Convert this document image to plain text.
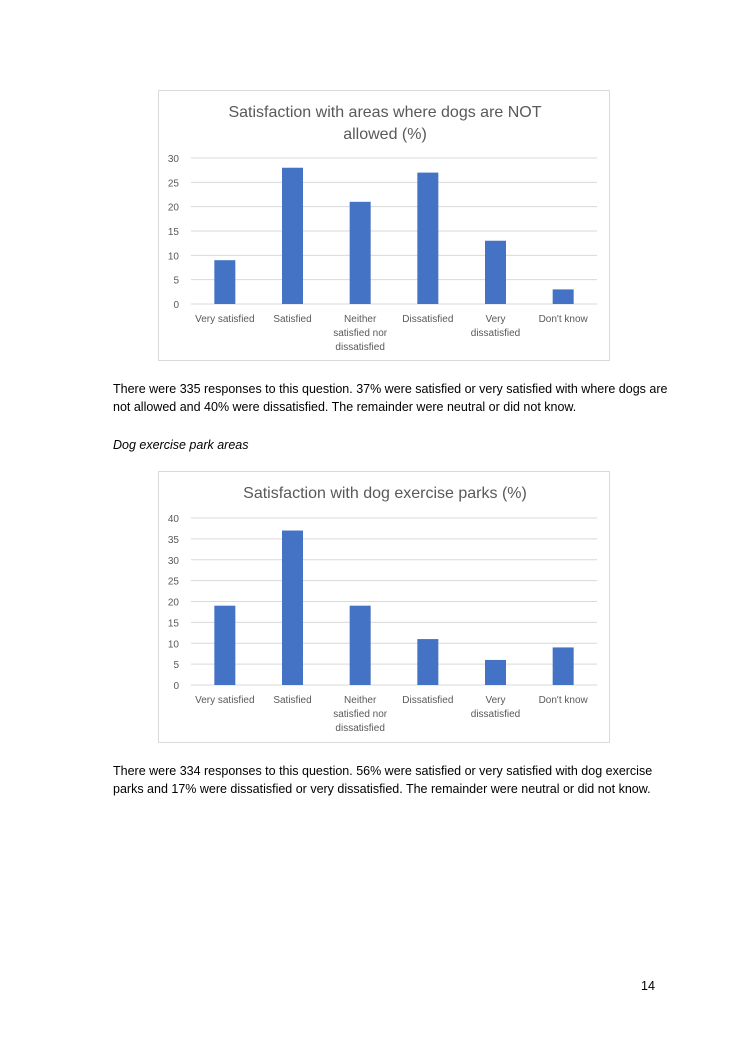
Satisfaction with areas where dogs are NOT
allowed (%)
0
5
10
15
20
25
30
Very satisfied Satisfied	Neither
satisfied nor
dissatisfied
Dissatisfied	Very
dissatisfied
Don't know

There were 335 responses to this question. 37% were satisfied or very satisfied with where dogs are not allowed and 40% were dissatisfied. The remainder were neutral or did not know.

Dog exercise park areas

Satisfaction with dog exercise parks (%)
0
5
10
15
20
25
30
35
40
Very satisfied Satisfied	Neither
satisfied nor
dissatisfied
Dissatisfied	Very
dissatisfied
Don't know

There were 334 responses to this question. 56% were satisfied or very satisfied with dog exercise parks and 17% were dissatisfied or very dissatisfied. The remainder were neutral or did not know.

14
